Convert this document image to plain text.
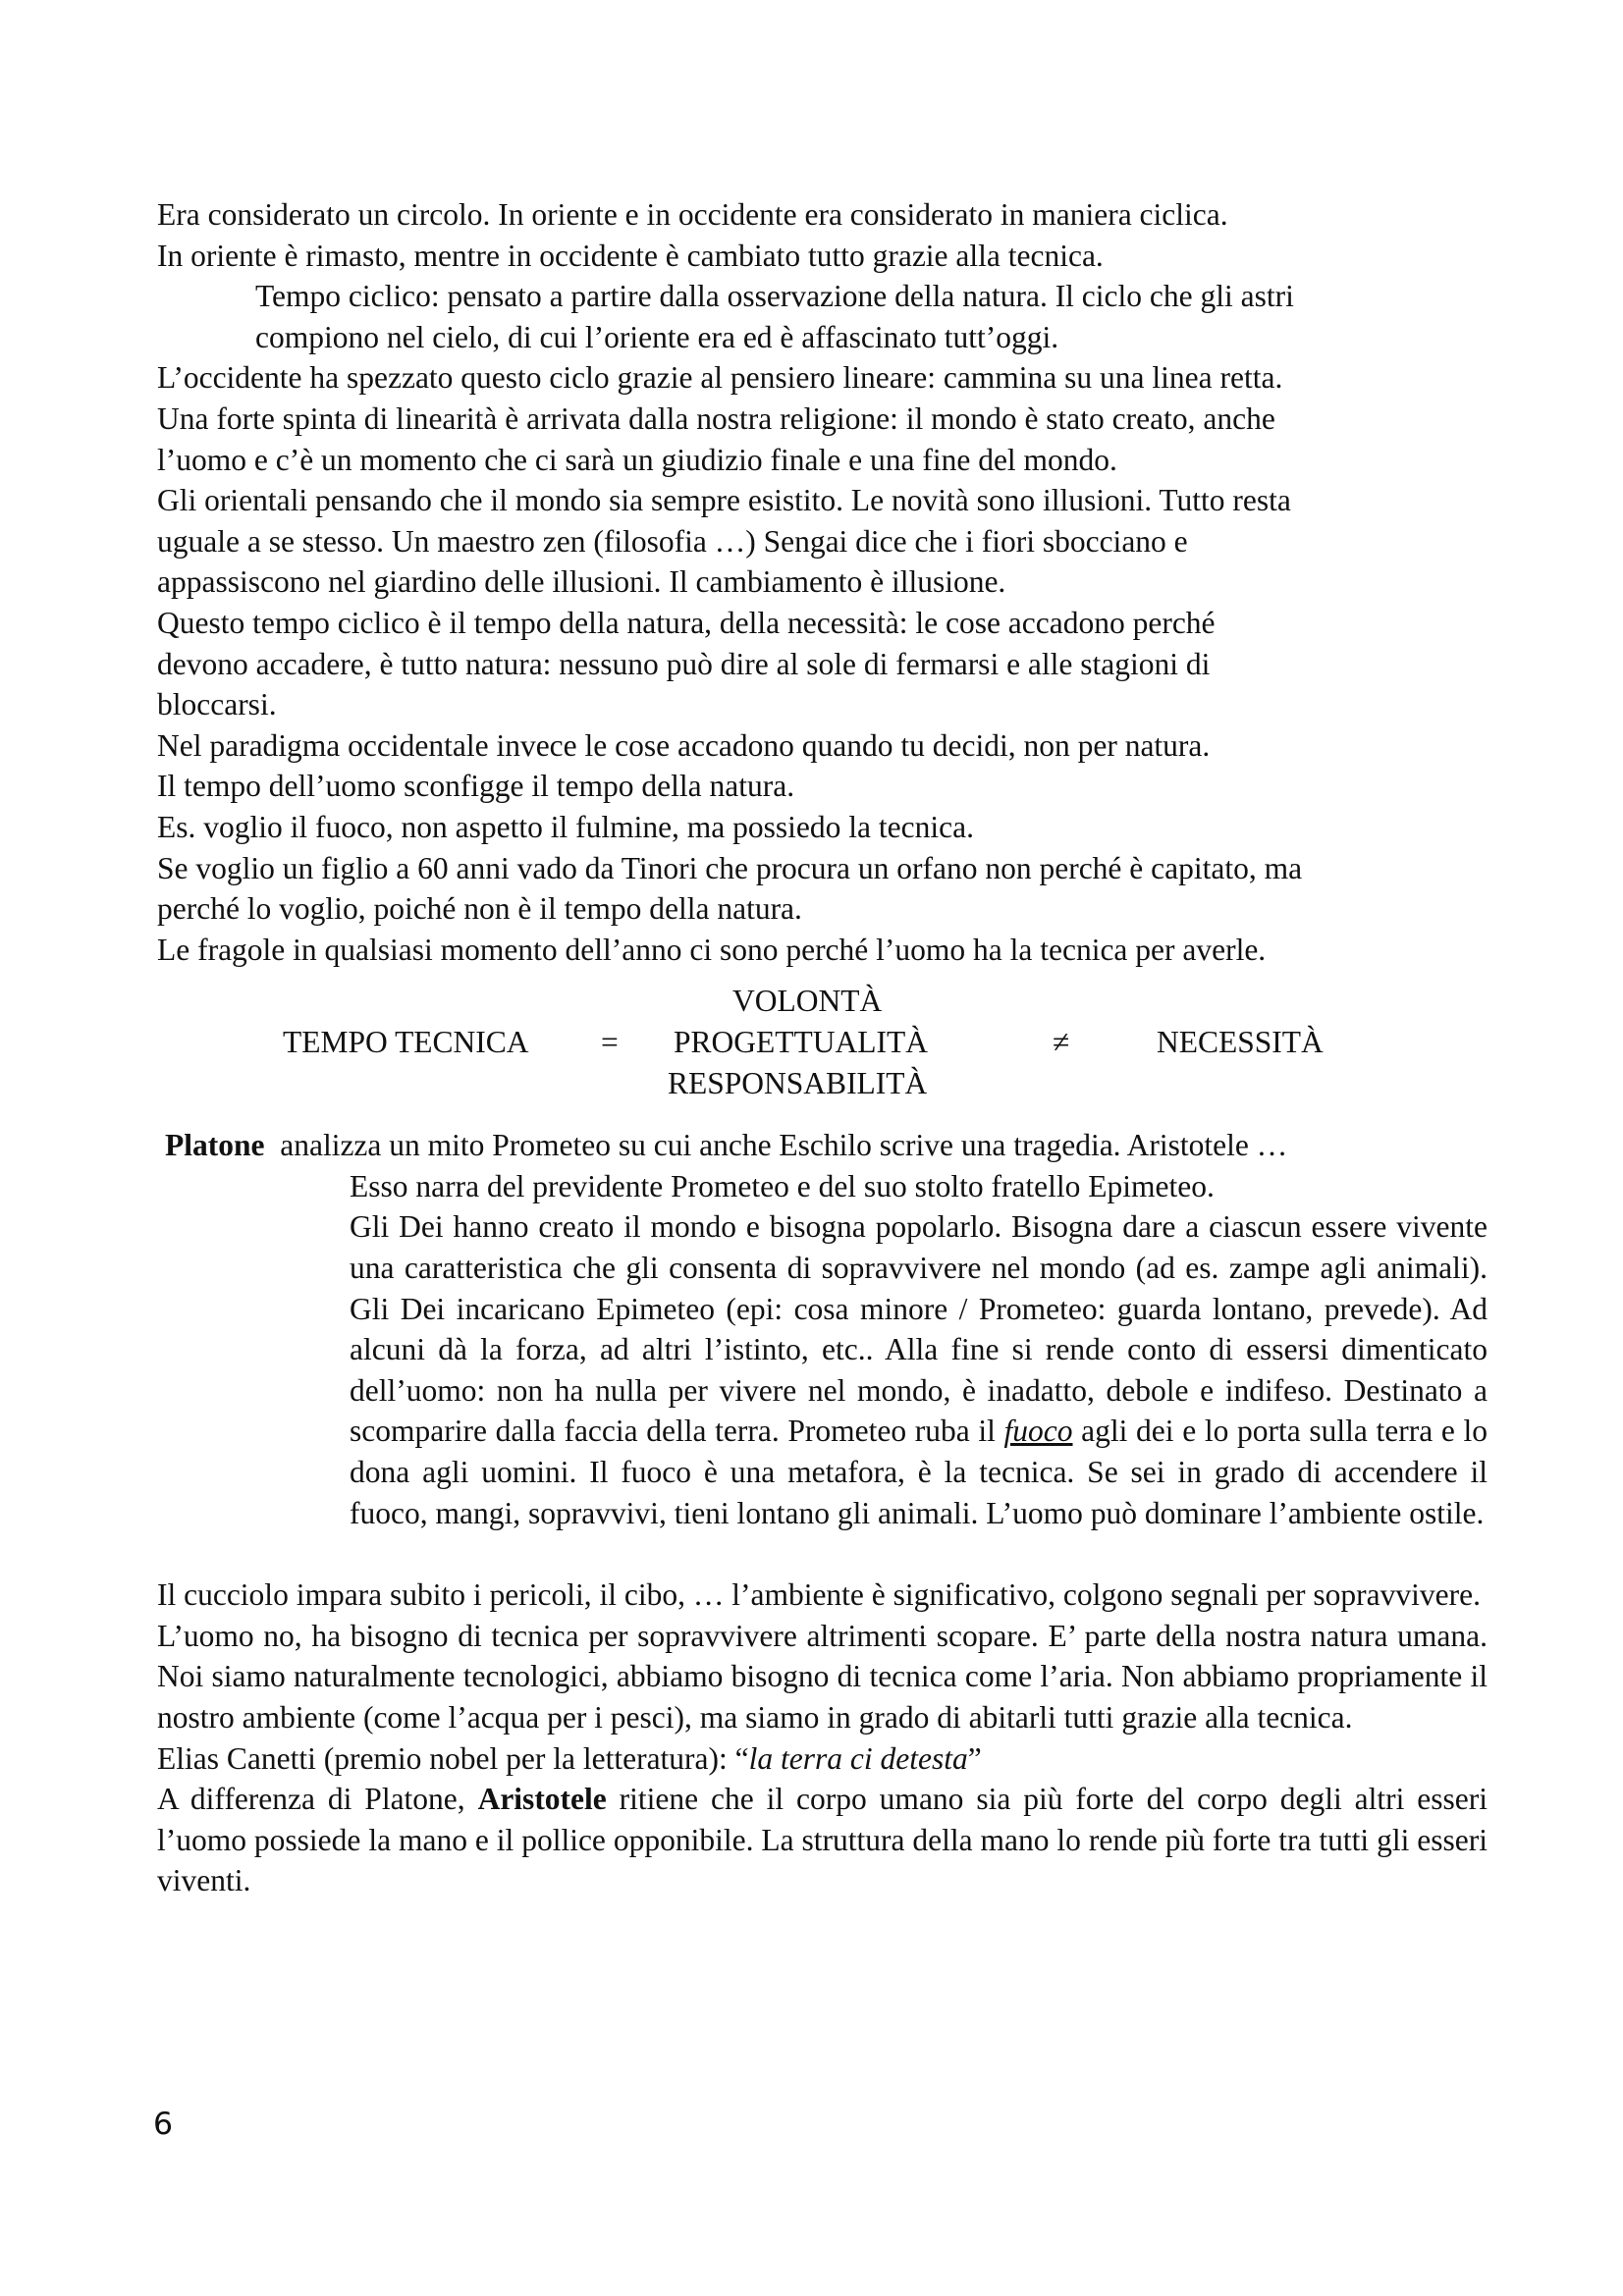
Era considerato un circolo. In oriente e in occidente era considerato in maniera ciclica.

In oriente è rimasto, mentre in occidente è cambiato tutto grazie alla tecnica.

Tempo ciclico: pensato a partire dalla osservazione della natura. Il ciclo che gli astri

compiono nel cielo, di cui l’oriente era ed è affascinato tutt’oggi.

L’occidente ha spezzato questo ciclo grazie al pensiero lineare: cammina su una linea retta.

Una forte spinta di linearità è arrivata dalla nostra religione: il mondo è stato creato, anche

l’uomo e c’è un momento che ci sarà un giudizio finale e una fine del mondo.

Gli orientali pensando che il mondo sia sempre esistito. Le novità sono illusioni. Tutto resta

uguale a se stesso. Un maestro zen (filosofia …) Sengai dice che i fiori sbocciano e

appassiscono nel giardino delle illusioni. Il cambiamento è illusione.

Questo tempo ciclico è il tempo della natura, della necessità: le cose accadono perché

devono accadere, è tutto natura: nessuno può dire al sole di fermarsi e alle stagioni di

bloccarsi.

Nel paradigma occidentale invece le cose accadono quando tu decidi, non per natura.

Il tempo dell’uomo sconfigge il tempo della natura.

Es. voglio il fuoco, non aspetto il fulmine, ma possiedo la tecnica.

Se voglio un figlio a 60 anni vado da Tinori che procura un orfano non perché è capitato, ma

perché lo voglio, poiché non è il tempo della natura.

Le fragole in qualsiasi momento dell’anno ci sono perché l’uomo ha la tecnica per averle.

VOLONTÀ
TEMPO TECNICA = PROGETTUALITÀ	≠	NECESSITÀ
RESPONSABILITÀ

Platone analizza un mito Prometeo su cui anche Eschilo scrive una tragedia. Aristotele …

Esso narra del previdente Prometeo e del suo stolto fratello Epimeteo.

Gli Dei hanno creato il mondo e bisogna popolarlo. Bisogna dare a ciascun essere vivente una caratteristica che gli consenta di sopravvivere nel mondo (ad es. zampe agli animali). Gli Dei incaricano Epimeteo (epi: cosa minore / Prometeo: guarda lontano, prevede). Ad alcuni dà la forza, ad altri l’istinto, etc.. Alla fine si rende conto di essersi dimenticato dell’uomo: non ha nulla per vivere nel mondo, è inadatto, debole e indifeso. Destinato a scomparire dalla faccia della terra. Prometeo ruba il fuoco agli dei e lo porta sulla terra e lo dona agli uomini. Il fuoco è una metafora, è la tecnica. Se sei in grado di accendere il fuoco, mangi, sopravvivi, tieni lontano gli animali. L’uomo può dominare l’ambiente ostile.

Il cucciolo impara subito i pericoli, il cibo, … l’ambiente è significativo, colgono segnali per sopravvivere.

L’uomo no, ha bisogno di tecnica per sopravvivere altrimenti scopare. E’ parte della nostra natura umana. Noi siamo naturalmente tecnologici, abbiamo bisogno di tecnica come l’aria. Non abbiamo propriamente il nostro ambiente (come l’acqua per i pesci), ma siamo in grado di abitarli tutti grazie alla tecnica.

Elias Canetti (premio nobel per la letteratura): “la terra ci detesta”

A differenza di Platone, Aristotele ritiene che il corpo umano sia più forte del corpo degli altri esseri l’uomo possiede la mano e il pollice opponibile. La struttura della mano lo rende più forte tra tutti gli esseri viventi.

6
